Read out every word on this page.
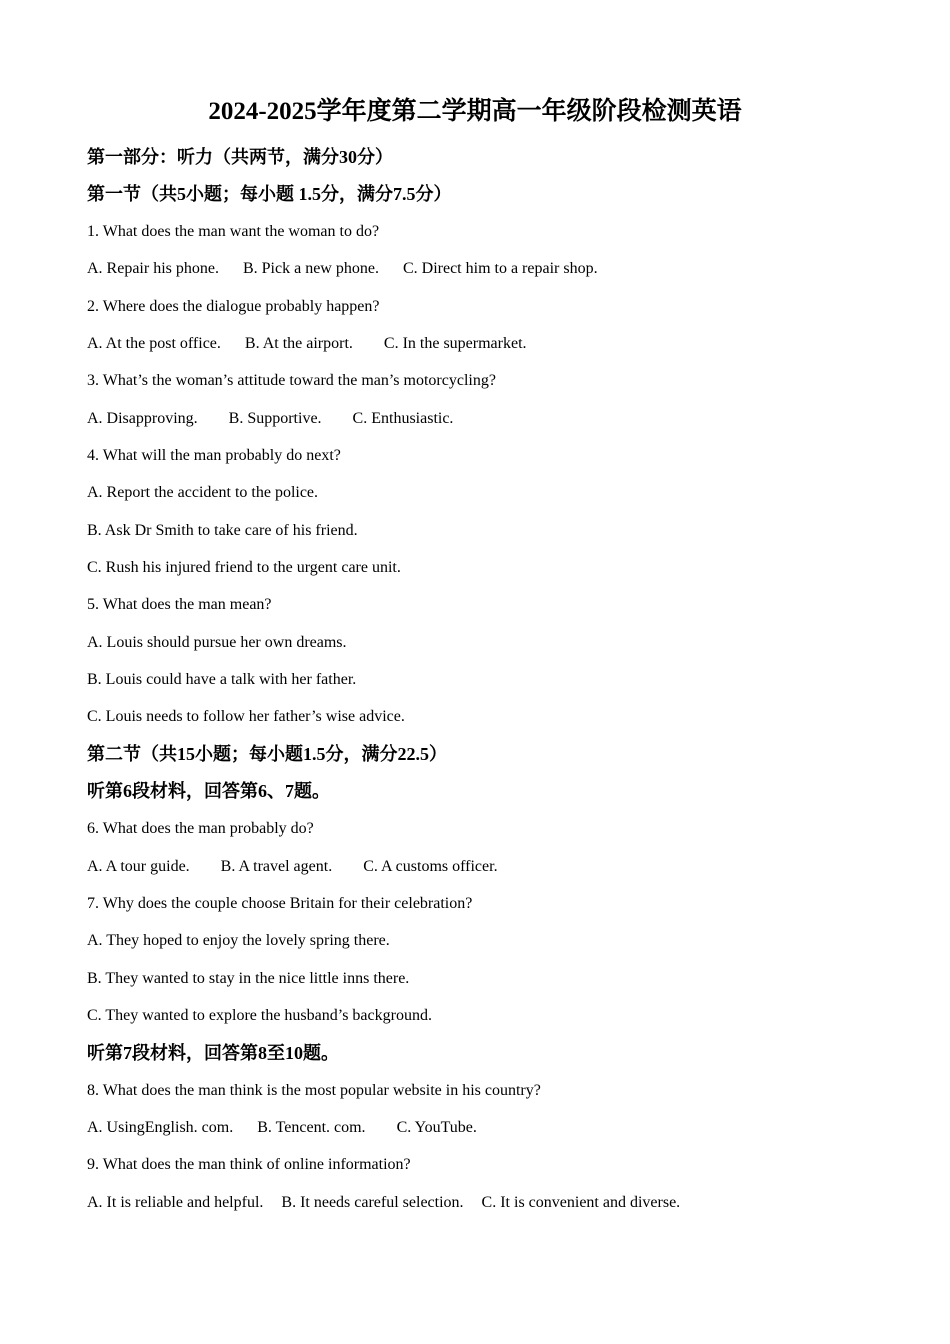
2024-2025学年度第二学期高一年级阶段检测英语
第一部分：听力（共两节，满分30分）
第一节（共5小题；每小题 1.5分，满分7.5分）
1. What does the man want the woman to do?
A. Repair his phone. B. Pick a new phone. C. Direct him to a repair shop.
2. Where does the dialogue probably happen?
A. At the post office. B. At the airport. C. In the supermarket.
3. What’s the woman’s attitude toward the man’s motorcycling?
A. Disapproving. B. Supportive. C. Enthusiastic.
4. What will the man probably do next?
A. Report the accident to the police.
B. Ask Dr Smith to take care of his friend.
C. Rush his injured friend to the urgent care unit.
5. What does the man mean?
A. Louis should pursue her own dreams.
B. Louis could have a talk with her father.
C. Louis needs to follow her father’s wise advice.
第二节（共15小题；每小题1.5分，满分22.5）
听第6段材料，回答第6、7题。
6. What does the man probably do?
A. A tour guide. B. A travel agent. C. A customs officer.
7. Why does the couple choose Britain for their celebration?
A. They hoped to enjoy the lovely spring there.
B. They wanted to stay in the nice little inns there.
C. They wanted to explore the husband’s background.
听第7段材料，回答第8至10题。
8. What does the man think is the most popular website in his country?
A. UsingEnglish. com. B. Tencent. com. C. YouTube.
9. What does the man think of online information?
A. It is reliable and helpful. B. It needs careful selection. C. It is convenient and diverse.
